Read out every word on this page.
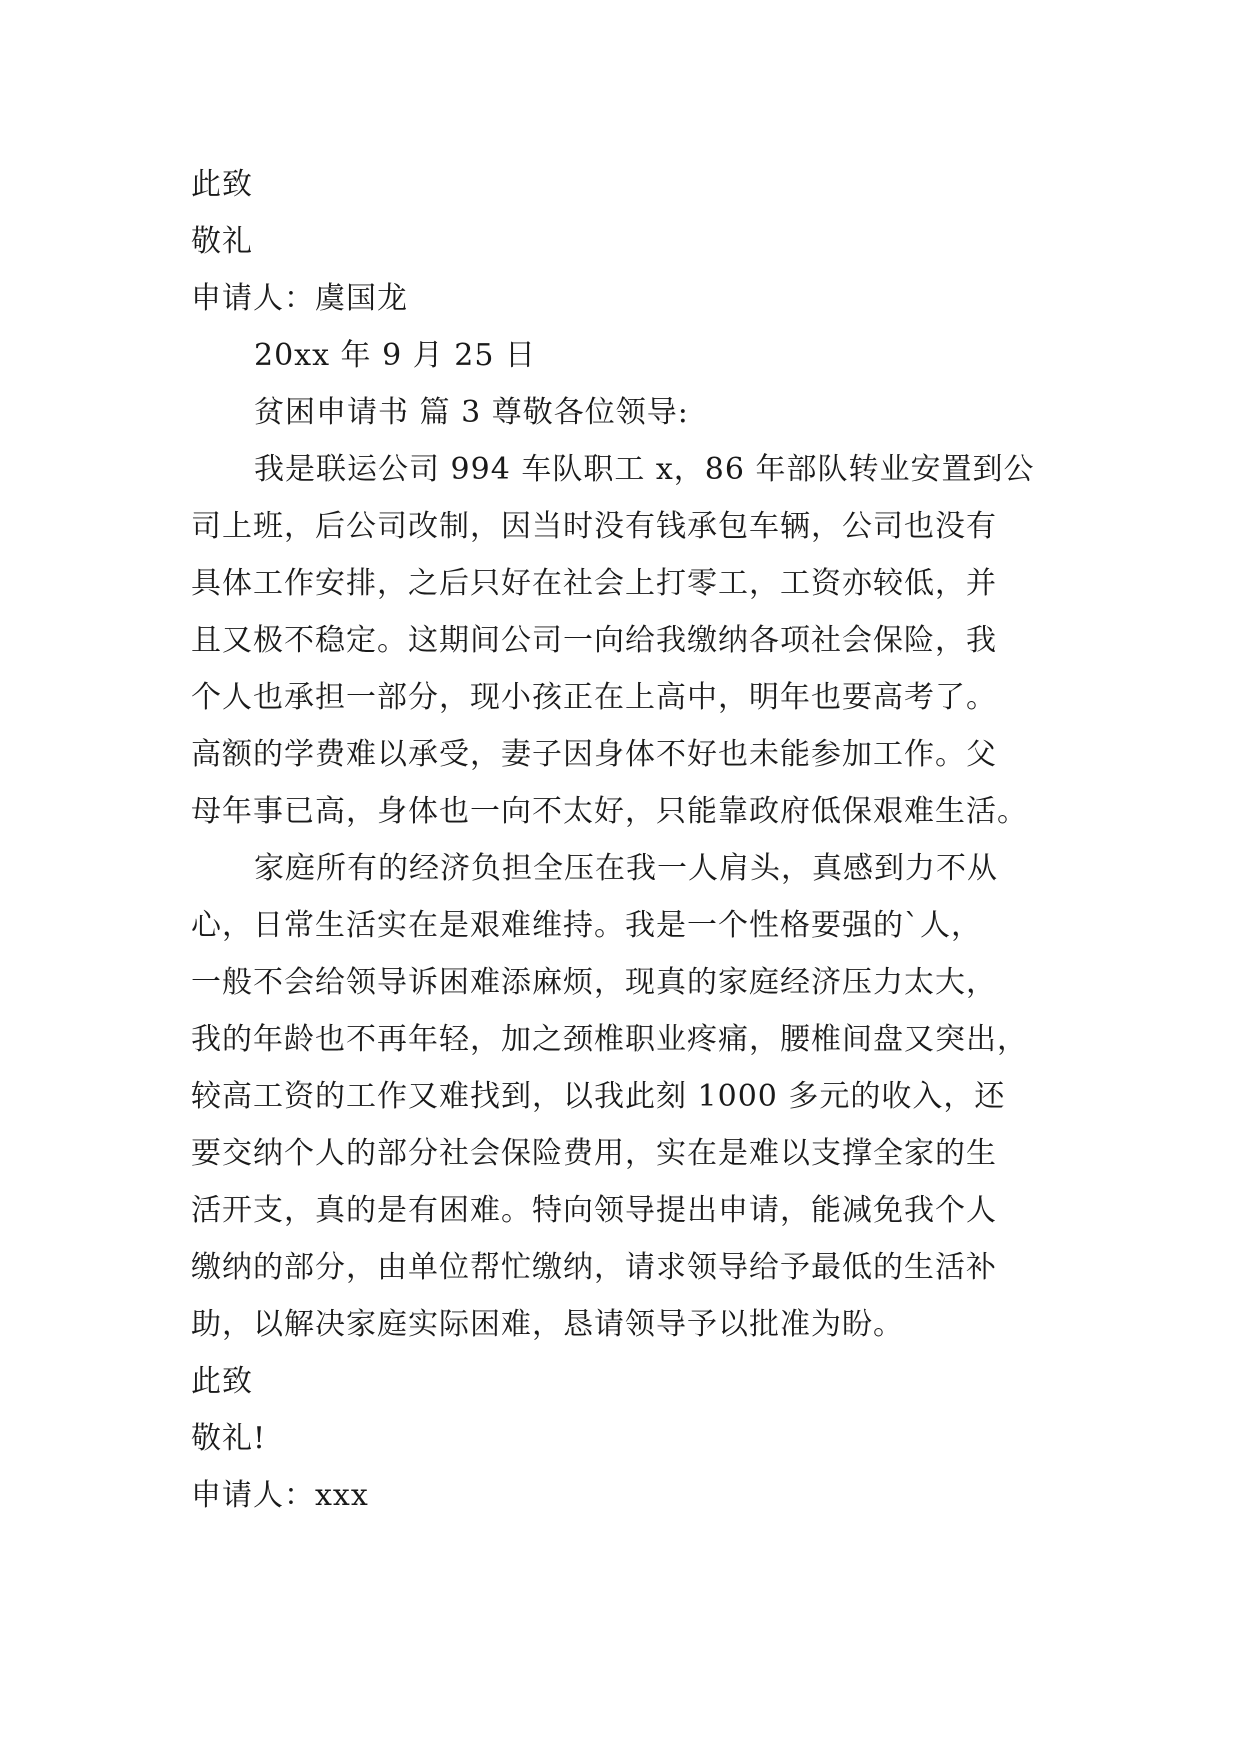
此致
敬礼
申请人：虞国龙
20xx 年 9 月 25 日
贫困申请书 篇 3 尊敬各位领导:
我是联运公司 994 车队职工 x，86 年部队转业安置到公
司上班，后公司改制，因当时没有钱承包车辆，公司也没有
具体工作安排，之后只好在社会上打零工，工资亦较低，并
且又极不稳定。这期间公司一向给我缴纳各项社会保险，我
个人也承担一部分，现小孩正在上高中，明年也要高考了。
高额的学费难以承受，妻子因身体不好也未能参加工作。父
母年事已高，身体也一向不太好，只能靠政府低保艰难生活。
家庭所有的经济负担全压在我一人肩头，真感到力不从
心，日常生活实在是艰难维持。我是一个性格要强的`人，
一般不会给领导诉困难添麻烦，现真的家庭经济压力太大，
我的年龄也不再年轻，加之颈椎职业疼痛，腰椎间盘又突出，
较高工资的工作又难找到，以我此刻 1000 多元的收入，还
要交纳个人的部分社会保险费用，实在是难以支撑全家的生
活开支，真的是有困难。特向领导提出申请，能减免我个人
缴纳的部分，由单位帮忙缴纳，请求领导给予最低的生活补
助，以解决家庭实际困难，恳请领导予以批准为盼。
此致
敬礼!
申请人：xxx
